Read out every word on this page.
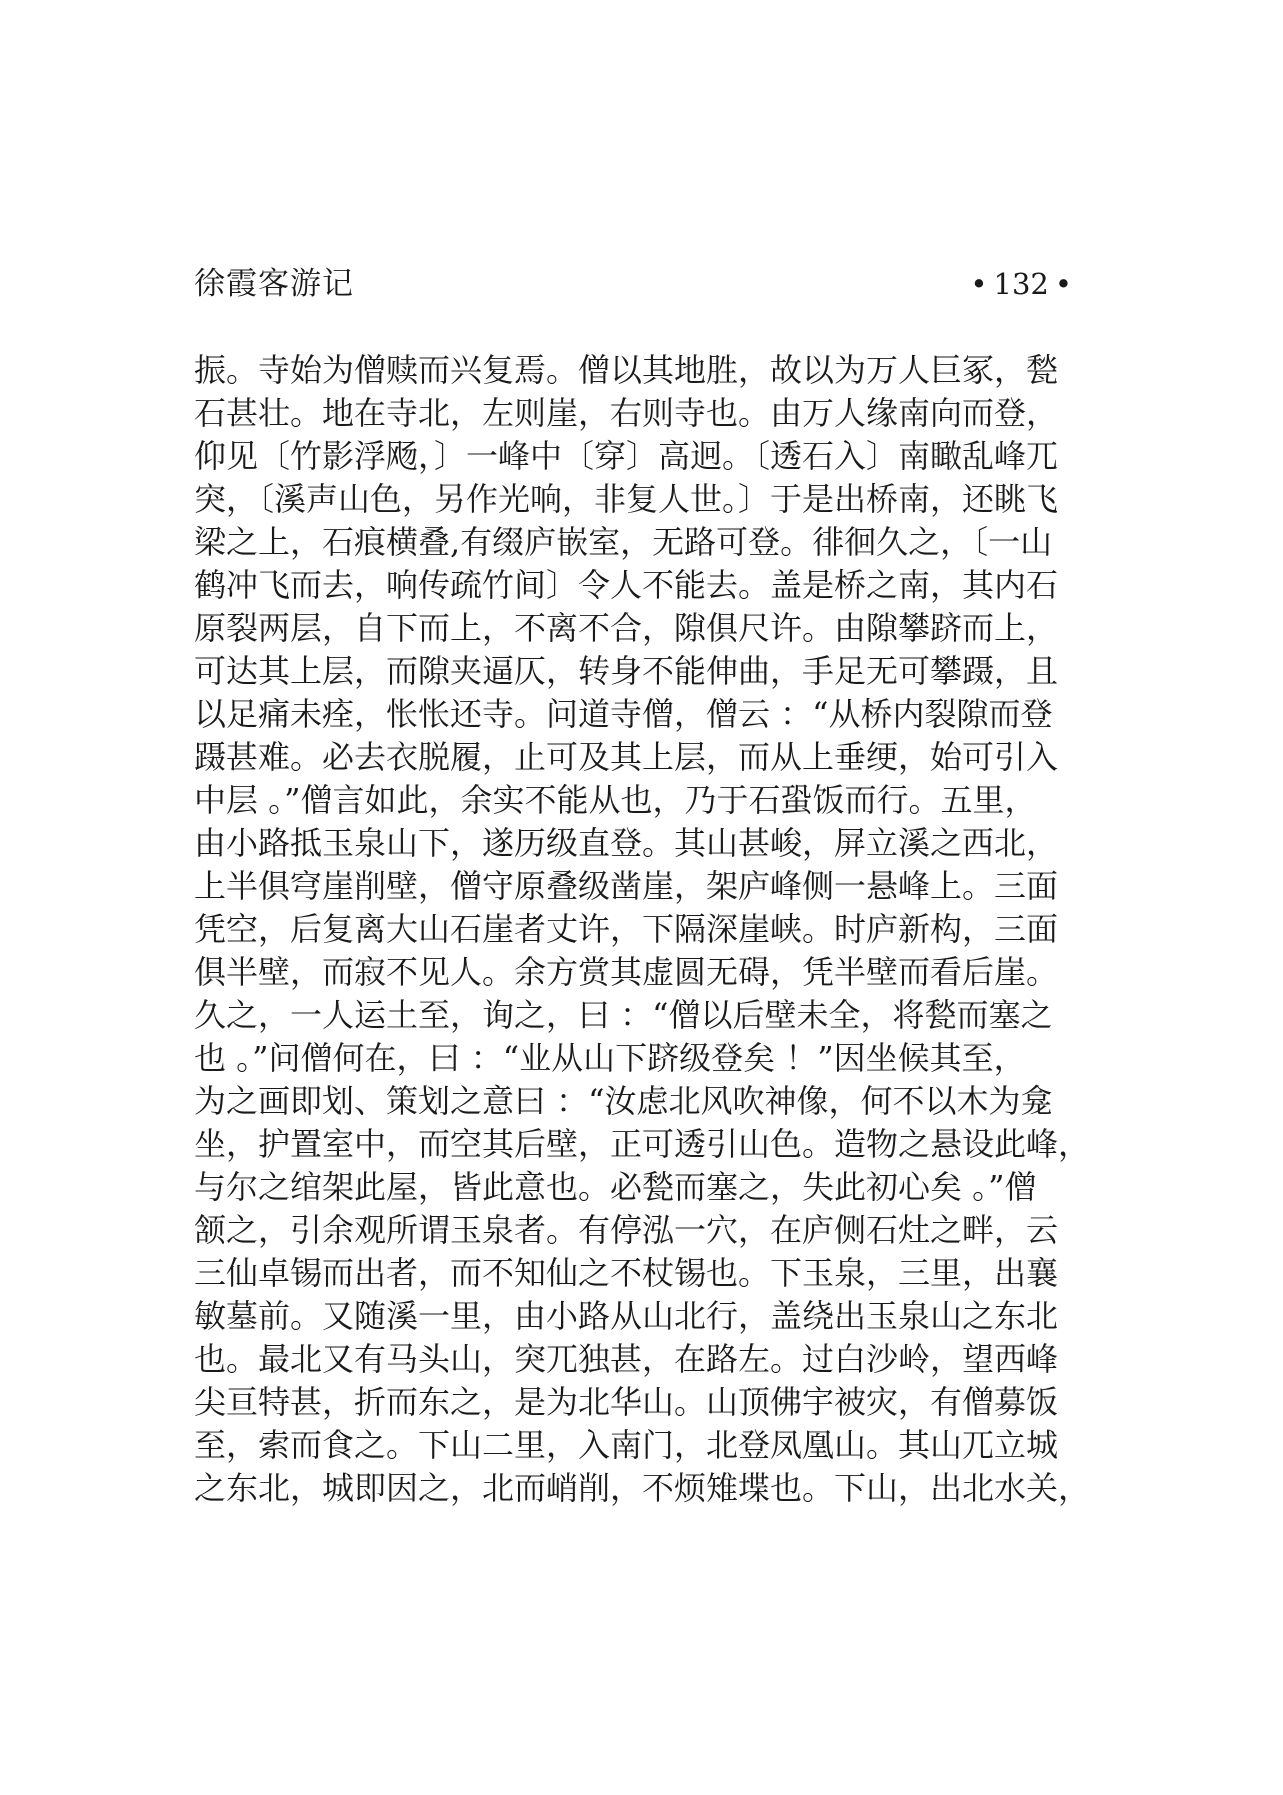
徐霞客游记	• 132 •
振。寺始为僧赎而兴复焉。僧以其地胜，故以为万人巨冢，甃
石甚壮。地在寺北，左则崖，右则寺也。由万人缘南向而登，
仰见〔竹影浮飏，〕一峰中〔穿〕高迥。〔透石入〕南瞰乱峰兀
突，〔溪声山色，另作光响，非复人世。〕于是出桥南，还眺飞
梁之上，石痕横叠,有缀庐嵌室，无路可登。徘徊久之，〔一山
鹤冲飞而去，响传疏竹间〕令人不能去。盖是桥之南，其内石
原裂两层，自下而上，不离不合，隙俱尺许。由隙攀跻而上，
可达其上层，而隙夹逼仄，转身不能伸曲，手足无可攀蹑，且
以足痛未痊，怅怅还寺。问道寺僧，僧云 ：“从桥内裂隙而登
蹑甚难。必去衣脱履，止可及其上层，而从上垂绠，始可引入
中层 。”僧言如此，余实不能从也，乃于石蛩饭而行。五里，
由小路抵玉泉山下，遂历级直登。其山甚峻，屏立溪之西北，
上半俱穹崖削壁，僧守原叠级凿崖，架庐峰侧一悬峰上。三面
凭空，后复离大山石崖者丈许，下隔深崖峡。时庐新构，三面
俱半壁，而寂不见人。余方赏其虚圆无碍，凭半壁而看后崖。
久之，一人运土至，询之，曰 ：“僧以后壁未全，将甃而塞之
也 。”问僧何在，曰 ：“业从山下跻级登矣 ！”因坐候其至，
为之画即划、策划之意曰 ：“汝虑北风吹神像，何不以木为龛
坐，护置室中，而空其后壁，正可透引山色。造物之悬设此峰，
与尔之绾架此屋，皆此意也。必甃而塞之，失此初心矣 。”僧
颔之，引余观所谓玉泉者。有停泓一穴，在庐侧石灶之畔，云
三仙卓锡而出者，而不知仙之不杖锡也。下玉泉，三里，出襄
敏墓前。又随溪一里，由小路从山北行，盖绕出玉泉山之东北
也。最北又有马头山，突兀独甚，在路左。过白沙岭，望西峰
尖亘特甚，折而东之，是为北华山。山顶佛宇被灾，有僧募饭
至，索而食之。下山二里，入南门，北登凤凰山。其山兀立城
之东北，城即因之，北而峭削，不烦雉堞也。下山，出北水关，
